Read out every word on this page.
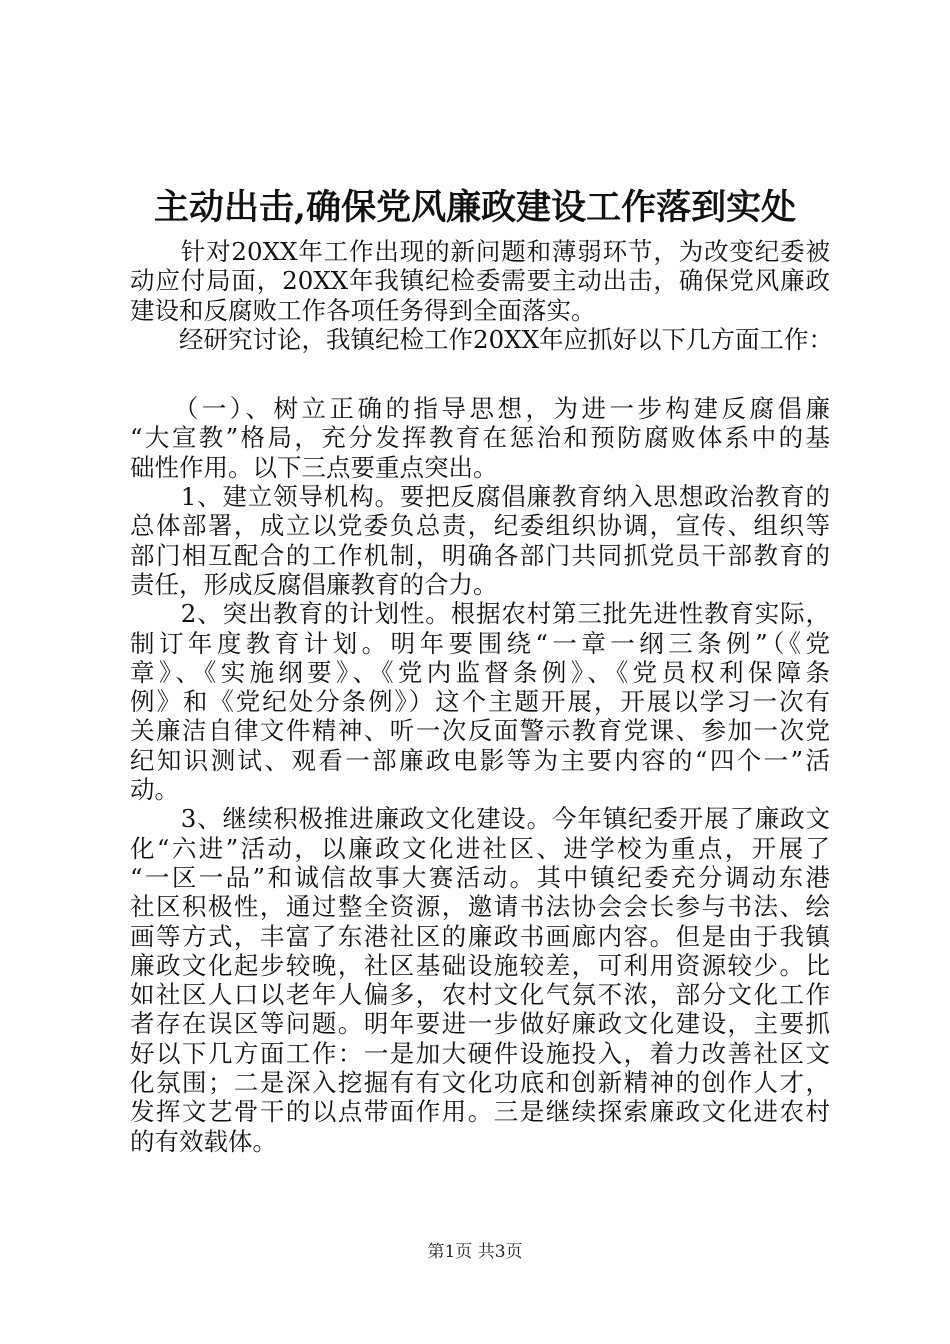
主动出击,确保党风廉政建设工作落到实处
　　针对20XX年工作出现的新问题和薄弱环节，为改变纪委被
动应付局面，20XX年我镇纪检委需要主动出击，确保党风廉政
建设和反腐败工作各项任务得到全面落实。
　　经研究讨论，我镇纪检工作20XX年应抓好以下几方面工作：
　　（一）、树立正确的指导思想，为进一步构建反腐倡廉
“大宣教”格局，充分发挥教育在惩治和预防腐败体系中的基
础性作用。以下三点要重点突出。
　　1、建立领导机构。要把反腐倡廉教育纳入思想政治教育的
总体部署，成立以党委负总责，纪委组织协调，宣传、组织等
部门相互配合的工作机制，明确各部门共同抓党员干部教育的
责任，形成反腐倡廉教育的合力。
　　2、突出教育的计划性。根据农村第三批先进性教育实际，
制订年度教育计划。明年要围绕“一章一纲三条例”（《党
章》、《实施纲要》、《党内监督条例》、《党员权利保障条
例》和《党纪处分条例》）这个主题开展，开展以学习一次有
关廉洁自律文件精神、听一次反面警示教育党课、参加一次党
纪知识测试、观看一部廉政电影等为主要内容的“四个一”活
动。
　　3、继续积极推进廉政文化建设。今年镇纪委开展了廉政文
化“六进”活动，以廉政文化进社区、进学校为重点，开展了
“一区一品”和诚信故事大赛活动。其中镇纪委充分调动东港
社区积极性，通过整全资源，邀请书法协会会长参与书法、绘
画等方式，丰富了东港社区的廉政书画廊内容。但是由于我镇
廉政文化起步较晚，社区基础设施较差，可利用资源较少。比
如社区人口以老年人偏多，农村文化气氛不浓，部分文化工作
者存在误区等问题。明年要进一步做好廉政文化建设，主要抓
好以下几方面工作：一是加大硬件设施投入，着力改善社区文
化氛围；二是深入挖掘有有文化功底和创新精神的创作人才，
发挥文艺骨干的以点带面作用。三是继续探索廉政文化进农村
的有效载体。
第1页 共3页
